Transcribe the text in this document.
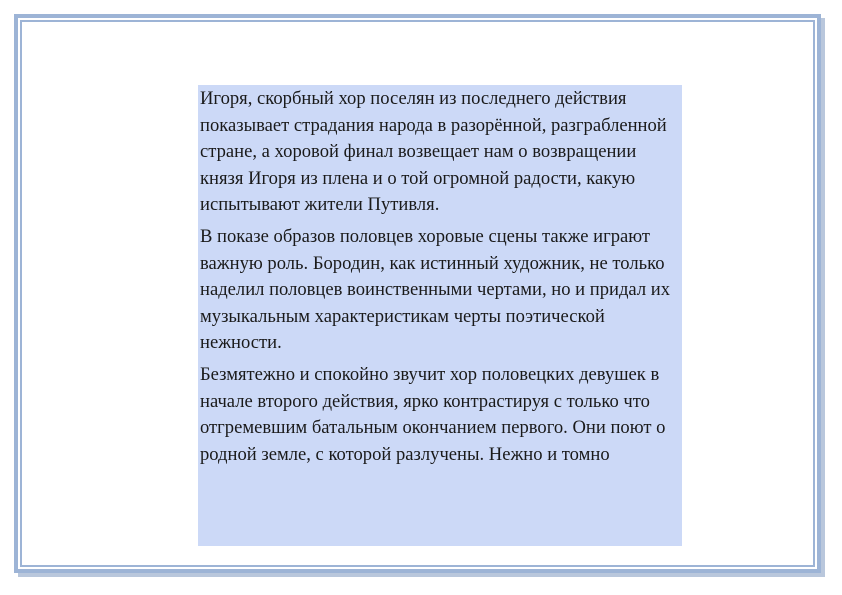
Игоря, скорбный хор поселян из последнего действия показывает страдания народа в разорённой, разграбленной стране, а хоровой финал возвещает нам о возвращении князя Игоря из плена и о той огромной радости, какую испытывают жители Путивля.

В показе образов половцев хоровые сцены также играют важную роль. Бородин, как истинный художник, не только наделил половцев воинственными чертами, но и придал их музыкальным характеристикам черты поэтической нежности.

Безмятежно и спокойно звучит хор половецких девушек в начале второго действия, ярко контрастируя с только что отгремевшим батальным окончанием первого. Они поют о родной земле, с которой разлучены. Нежно и томно
